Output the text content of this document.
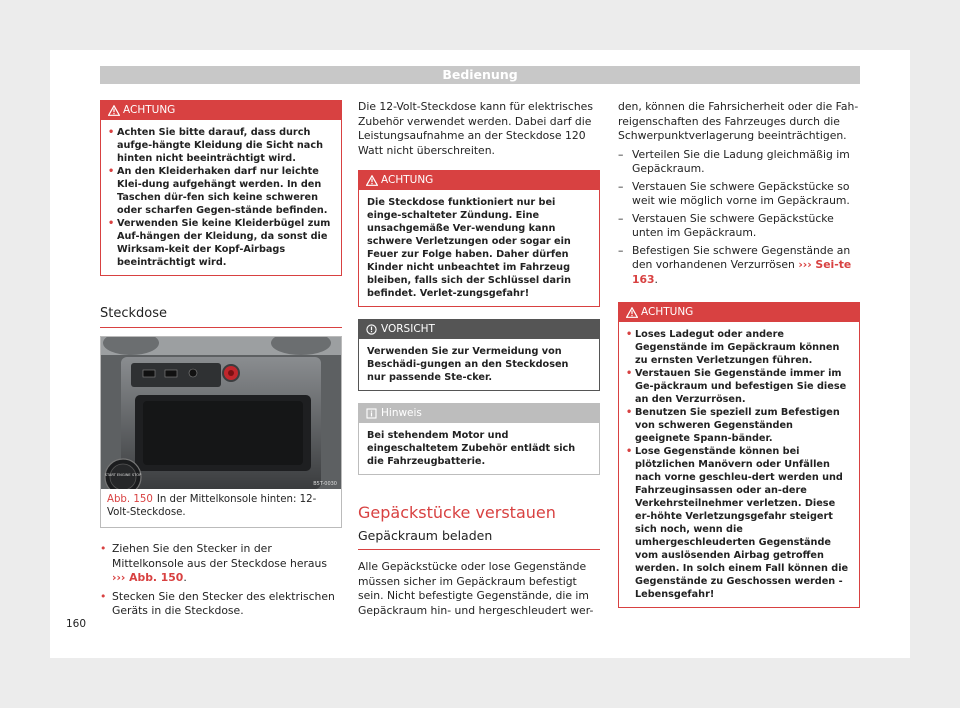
Bedienung
ACHTUNG
• Achten Sie bitte darauf, dass durch aufge-hängte Kleidung die Sicht nach hinten nicht beeinträchtigt wird.
• An den Kleiderhaken darf nur leichte Klei-dung aufgehängt werden. In den Taschen dür-fen sich keine schweren oder scharfen Gegen-stände befinden.
• Verwenden Sie keine Kleiderbügel zum Auf-hängen der Kleidung, da sonst die Wirksam-keit der Kopf-Airbags beeinträchtigt wird.
Steckdose
START ENGINE STOP
B5T-0030
Abb. 150 In der Mittelkonsole hinten: 12-Volt-Steckdose.
• Ziehen Sie den Stecker in der Mittelkonsole aus der Steckdose heraus ››› Abb. 150.
• Stecken Sie den Stecker des elektrischen Geräts in die Steckdose.
Die 12-Volt-Steckdose kann für elektrisches Zubehör verwendet werden. Dabei darf die Leistungsaufnahme an der Steckdose 120 Watt nicht überschreiten.
ACHTUNG
Die Steckdose funktioniert nur bei einge-schalteter Zündung. Eine unsachgemäße Ver-wendung kann schwere Verletzungen oder sogar ein Feuer zur Folge haben. Daher dürfen Kinder nicht unbeachtet im Fahrzeug bleiben, falls sich der Schlüssel darin befindet. Verlet-zungsgefahr!
VORSICHT
Verwenden Sie zur Vermeidung von Beschädi-gungen an den Steckdosen nur passende Ste-cker.
Hinweis
Bei stehendem Motor und eingeschaltetem Zubehör entlädt sich die Fahrzeugbatterie.
Gepäckstücke verstauen
Gepäckraum beladen
Alle Gepäckstücke oder lose Gegenstände müssen sicher im Gepäckraum befestigt sein. Nicht befestigte Gegenstände, die im Gepäckraum hin- und hergeschleudert wer-
den, können die Fahrsicherheit oder die Fah-reigenschaften des Fahrzeuges durch die Schwerpunktverlagerung beeinträchtigen.
– Verteilen Sie die Ladung gleichmäßig im Gepäckraum.
– Verstauen Sie schwere Gepäckstücke so weit wie möglich vorne im Gepäckraum.
– Verstauen Sie schwere Gepäckstücke unten im Gepäckraum.
– Befestigen Sie schwere Gegenstände an den vorhandenen Verzurrösen ››› Sei-te 163.
ACHTUNG
• Loses Ladegut oder andere Gegenstände im Gepäckraum können zu ernsten Verletzungen führen.
• Verstauen Sie Gegenstände immer im Ge-päckraum und befestigen Sie diese an den Verzurrösen.
• Benutzen Sie speziell zum Befestigen von schweren Gegenständen geeignete Spann-bänder.
• Lose Gegenstände können bei plötzlichen Manövern oder Unfällen nach vorne geschleu-dert werden und Fahrzeuginsassen oder an-dere Verkehrsteilnehmer verletzen. Diese er-höhte Verletzungsgefahr steigert sich noch, wenn die umhergeschleuderten Gegenstände vom auslösenden Airbag getroffen werden. In solch einem Fall können die Gegenstände zu Geschossen werden - Lebensgefahr!
160
